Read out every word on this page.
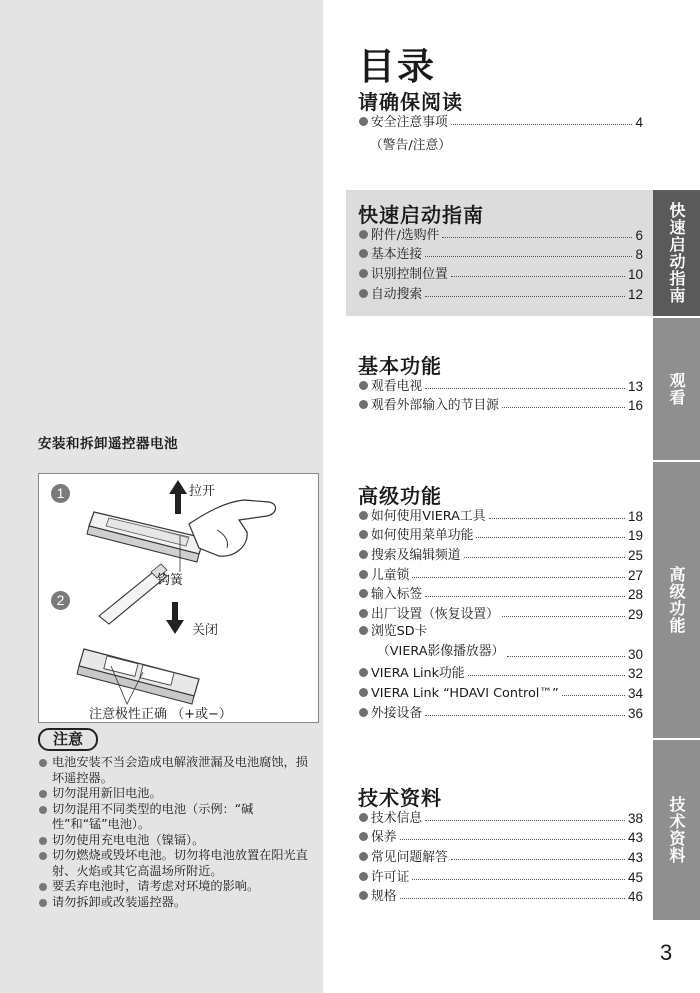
安装和拆卸遥控器电池
1
2
拉开
钩簧
关闭
注意极性正确 （+或−）
注意
电池安装不当会造成电解液泄漏及电池腐蚀，损坏遥控器。
切勿混用新旧电池。
切勿混用不同类型的电池（示例：“碱性”和“锰”电池）。
切勿使用充电电池（镍镉）。
切勿燃烧或毁坏电池。切勿将电池放置在阳光直射、火焰或其它高温场所附近。
要丢弃电池时，请考虑对环境的影响。
请勿拆卸或改装遥控器。
目录
请确保阅读
安全注意事项	4
（警告/注意）
快速启动指南
附件/选购件	6
基本连接	8
识别控制位置	10
自动搜索	12
基本功能
观看电视	13
观看外部输入的节目源	16
高级功能
如何使用VIERA工具	18
如何使用菜单功能	19
搜索及编辑频道	25
儿童锁	27
输入标签	28
出厂设置（恢复设置）	29
浏览SD卡
（VIERA影像播放器）	30
VIERA Link功能	32
VIERA Link “HDAVI Control™”	34
外接设备	36
技术资料
技术信息	38
保养	43
常见问题解答	43
许可证	45
规格	46
快速启动指南
观看
高级功能
技术资料
3
